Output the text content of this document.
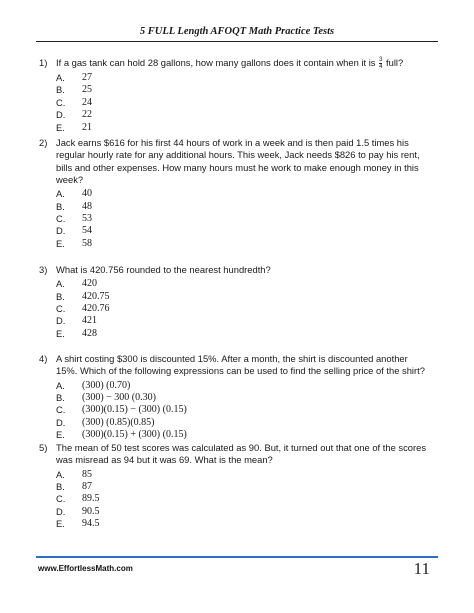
5 FULL Length AFOQT Math Practice Tests
1) If a gas tank can hold 28 gallons, how many gallons does it contain when it is $\frac{3}{4}$ full?

A. 27
B. 25
C. 24
D. 22
E. 21
2) Jack earns $616 for his first 44 hours of work in a week and is then paid 1.5 times his regular hourly rate for any additional hours. This week, Jack needs $826 to pay his rent, bills and other expenses. How many hours must he work to make enough money in this week?

A. 40
B. 48
C. 53
D. 54
E. 58
3) What is 420.756 rounded to the nearest hundredth?

A. 420
B. 420.75
C. 420.76
D. 421
E. 428
4) A shirt costing $300 is discounted 15%. After a month, the shirt is discounted another 15%. Which of the following expressions can be used to find the selling price of the shirt?

A. (300) (0.70)
B. (300) − 300 (0.30)
C. (300)(0.15) − (300) (0.15)
D. (300) (0.85)(0.85)
E. (300)(0.15) + (300) (0.15)
5) The mean of 50 test scores was calculated as 90. But, it turned out that one of the scores was misread as 94 but it was 69. What is the mean?

A. 85
B. 87
C. 89.5
D. 90.5
E. 94.5
www.EffortlessMath.com	11
